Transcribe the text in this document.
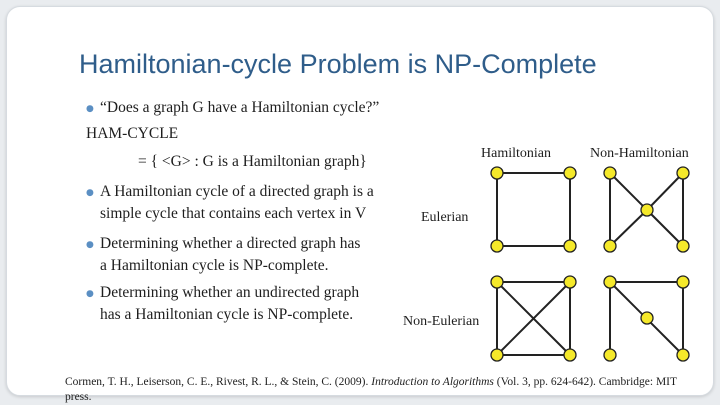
Hamiltonian-cycle Problem is NP-Complete
● “Does a graph G have a Hamiltonian cycle?”
HAM-CYCLE
= { <G> : G is a Hamiltonian graph}
● A Hamiltonian cycle of a directed graph is a
simple cycle that contains each vertex in V
● Determining whether a directed graph has
a Hamiltonian cycle is NP-complete.
● Determining whether an undirected graph
has a Hamiltonian cycle is NP-complete.
Hamiltonian	Non-Hamiltonian
Eulerian
Non-Eulerian
Cormen, T. H., Leiserson, C. E., Rivest, R. L., & Stein, C. (2009). Introduction to Algorithms (Vol. 3, pp. 624-642). Cambridge: MIT press.
